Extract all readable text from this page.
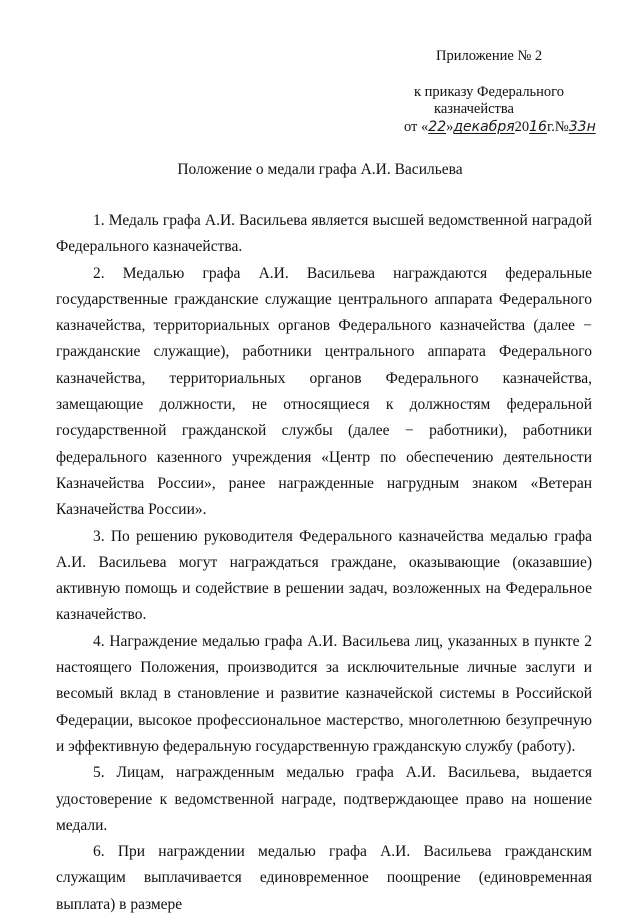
Приложение № 2
к приказу Федерального
казначейства
от « 22 » декабря 20 16 г.№ 33н
Положение о медали графа А.И. Васильева

1. Медаль графа А.И. Васильева является высшей ведомственной наградой Федерального казначейства.

2. Медалью графа А.И. Васильева награждаются федеральные государственные гражданские служащие центрального аппарата Федерального казначейства, территориальных органов Федерального казначейства (далее − гражданские служащие), работники центрального аппарата Федерального казначейства, территориальных органов Федерального казначейства, замещающие должности, не относящиеся к должностям федеральной государственной гражданской службы (далее − работники), работники федерального казенного учреждения «Центр по обеспечению деятельности Казначейства России», ранее награжденные нагрудным знаком «Ветеран Казначейства России».

3. По решению руководителя Федерального казначейства медалью графа А.И. Васильева могут награждаться граждане, оказывающие (оказавшие) активную помощь и содействие в решении задач, возложенных на Федеральное казначейство.

4. Награждение медалью графа А.И. Васильева лиц, указанных в пункте 2 настоящего Положения, производится за исключительные личные заслуги и весомый вклад в становление и развитие казначейской системы в Российской Федерации, высокое профессиональное мастерство, многолетнюю безупречную и эффективную федеральную государственную гражданскую службу (работу).

5. Лицам, награжденным медалью графа А.И. Васильева, выдается удостоверение к ведомственной награде, подтверждающее право на ношение медали.

6. При награждении медалью графа А.И. Васильева гражданским служащим выплачивается единовременное поощрение (единовременная выплата) в размере
